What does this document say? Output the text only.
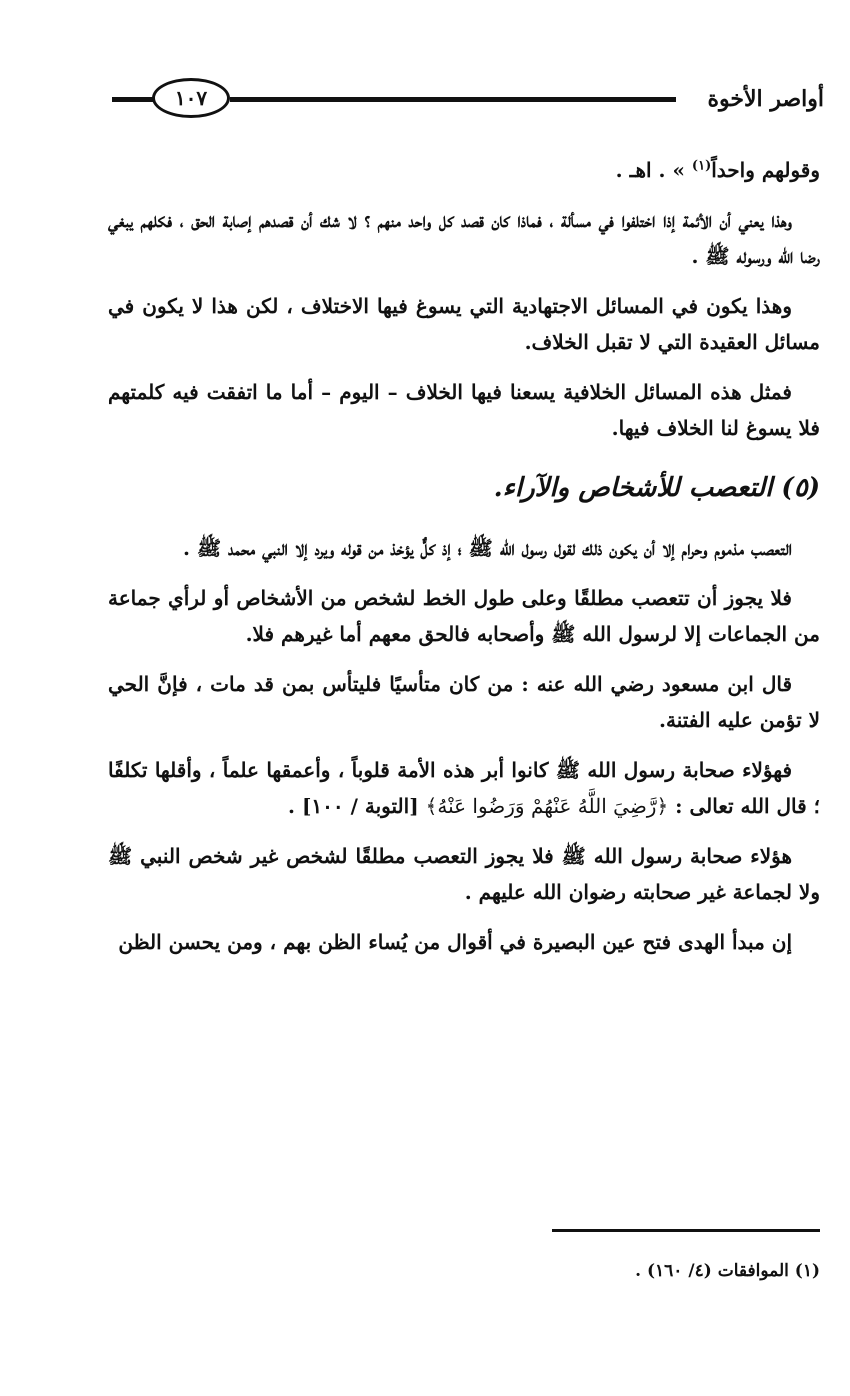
أواصر الأخوة
١٠٧

وقولهم واحداً$^{(١)}$ » . اهـ .

وهذا يعني أن الأئمة إذا اختلفوا في مسألة ، فماذا كان قصد كل واحد منهم ؟ لا شك أن قصدهم إصابة الحق ، فكلهم يبغي رضا الله ورسوله ﷺ .

وهذا يكون في المسائل الاجتهادية التي يسوغ فيها الاختلاف ، لكن هذا لا يكون في مسائل العقيدة التي لا تقبل الخلاف.

فمثل هذه المسائل الخلافية يسعنا فيها الخلاف – اليوم – أما ما اتفقت فيه كلمتهم فلا يسوغ لنا الخلاف فيها.

(٥) التعصب للأشخاص والآراء.

التعصب مذموم وحرام إلا أن يكون ذلك لقول رسول الله ﷺ ؛ إذ كلٌّ يؤخذ من قوله ويرد إلا النبي محمد ﷺ .

فلا يجوز أن تتعصب مطلقًا وعلى طول الخط لشخص من الأشخاص أو لرأي جماعة من الجماعات إلا لرسول الله ﷺ وأصحابه فالحق معهم أما غيرهم فلا.

قال ابن مسعود رضي الله عنه : من كان متأسيًا فليتأس بمن قد مات ، فإنَّ الحي لا تؤمن عليه الفتنة.

فهؤلاء صحابة رسول الله ﷺ كانوا أبر هذه الأمة قلوباً ، وأعمقها علماً ، وأقلها تكلفًا ؛ قال الله تعالى : ﴿رَّضِيَ اللَّهُ عَنْهُمْ وَرَضُوا عَنْهُ﴾ [التوبة / ١٠٠] .

هؤلاء صحابة رسول الله ﷺ فلا يجوز التعصب مطلقًا لشخص غير شخص النبي ﷺ ولا لجماعة غير صحابته رضوان الله عليهم .

إن مبدأ الهدى فتح عين البصيرة في أقوال من يُساء الظن بهم ، ومن يحسن الظن

(١) الموافقات (٤/ ١٦٠) .
